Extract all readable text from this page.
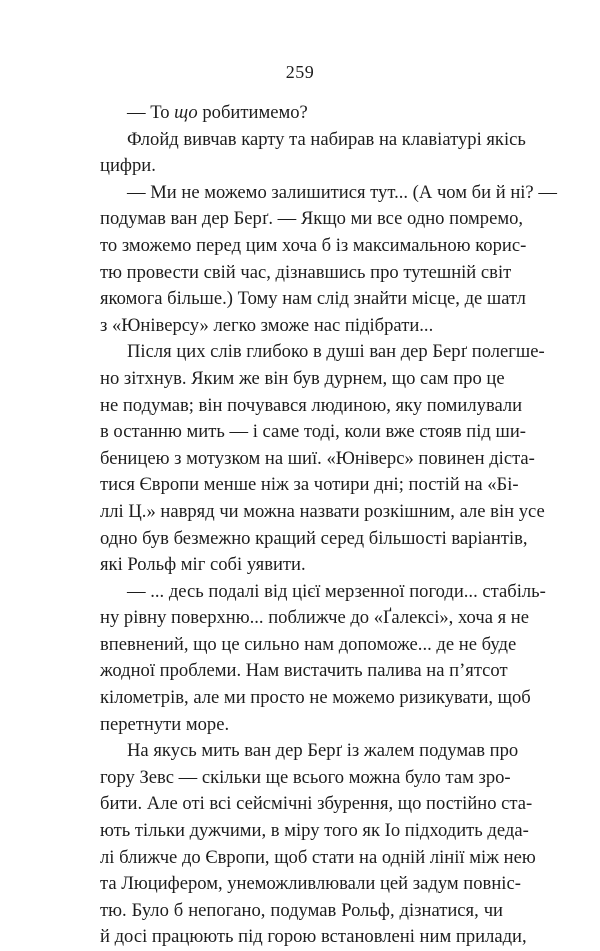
259
— То що робитимемо?
Флойд вивчав карту та набирав на клавіатурі якісь
цифри.
— Ми не можемо залишитися тут... (А чом би й ні? —
подумав ван дер Берґ. — Якщо ми все одно помремо,
то зможемо перед цим хоча б із максимальною корис-
тю провести свій час, дізнавшись про тутешній світ
якомога більше.) Тому нам слід знайти місце, де шатл
з «Юніверсу» легко зможе нас підібрати...
Після цих слів глибоко в душі ван дер Берґ полегше-
но зітхнув. Яким же він був дурнем, що сам про це
не подумав; він почувався людиною, яку помилували
в останню мить — і саме тоді, коли вже стояв під ши-
беницею з мотузком на шиї. «Юніверс» повинен діста-
тися Європи менше ніж за чотири дні; постій на «Бі-
ллі Ц.» навряд чи можна назвати розкішним, але він усе
одно був безмежно кращий серед більшості варіантів,
які Рольф міг собі уявити.
— ... десь подалі від цієї мерзенної погоди... стабіль-
ну рівну поверхню... поближче до «Ґалексі», хоча я не
впевнений, що це сильно нам допоможе... де не буде
жодної проблеми. Нам вистачить палива на п’ятсот
кілометрів, але ми просто не можемо ризикувати, щоб
перетнути море.
На якусь мить ван дер Берґ із жалем подумав про
гору Зевс — скільки ще всього можна було там зро-
бити. Але оті всі сейсмічні збурення, що постійно ста-
ють тільки дужчими, в міру того як Іо підходить деда-
лі ближче до Європи, щоб стати на одній лінії між нею
та Люцифером, унеможливлювали цей задум повніс-
тю. Було б непогано, подумав Рольф, дізнатися, чи
й досі працюють під горою встановлені ним прилади,
